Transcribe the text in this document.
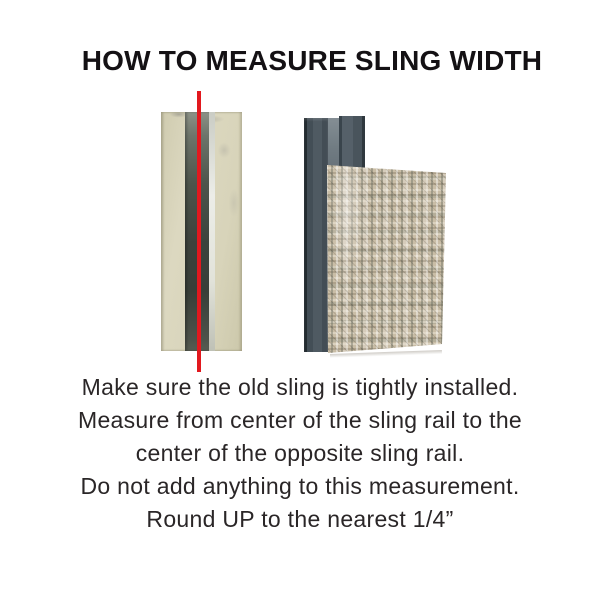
HOW TO MEASURE SLING WIDTH

Make sure the old sling is tightly installed.

Measure from center of the sling rail to the

center of the opposite sling rail.

Do not add anything to this measurement.

Round UP to the nearest 1/4”
